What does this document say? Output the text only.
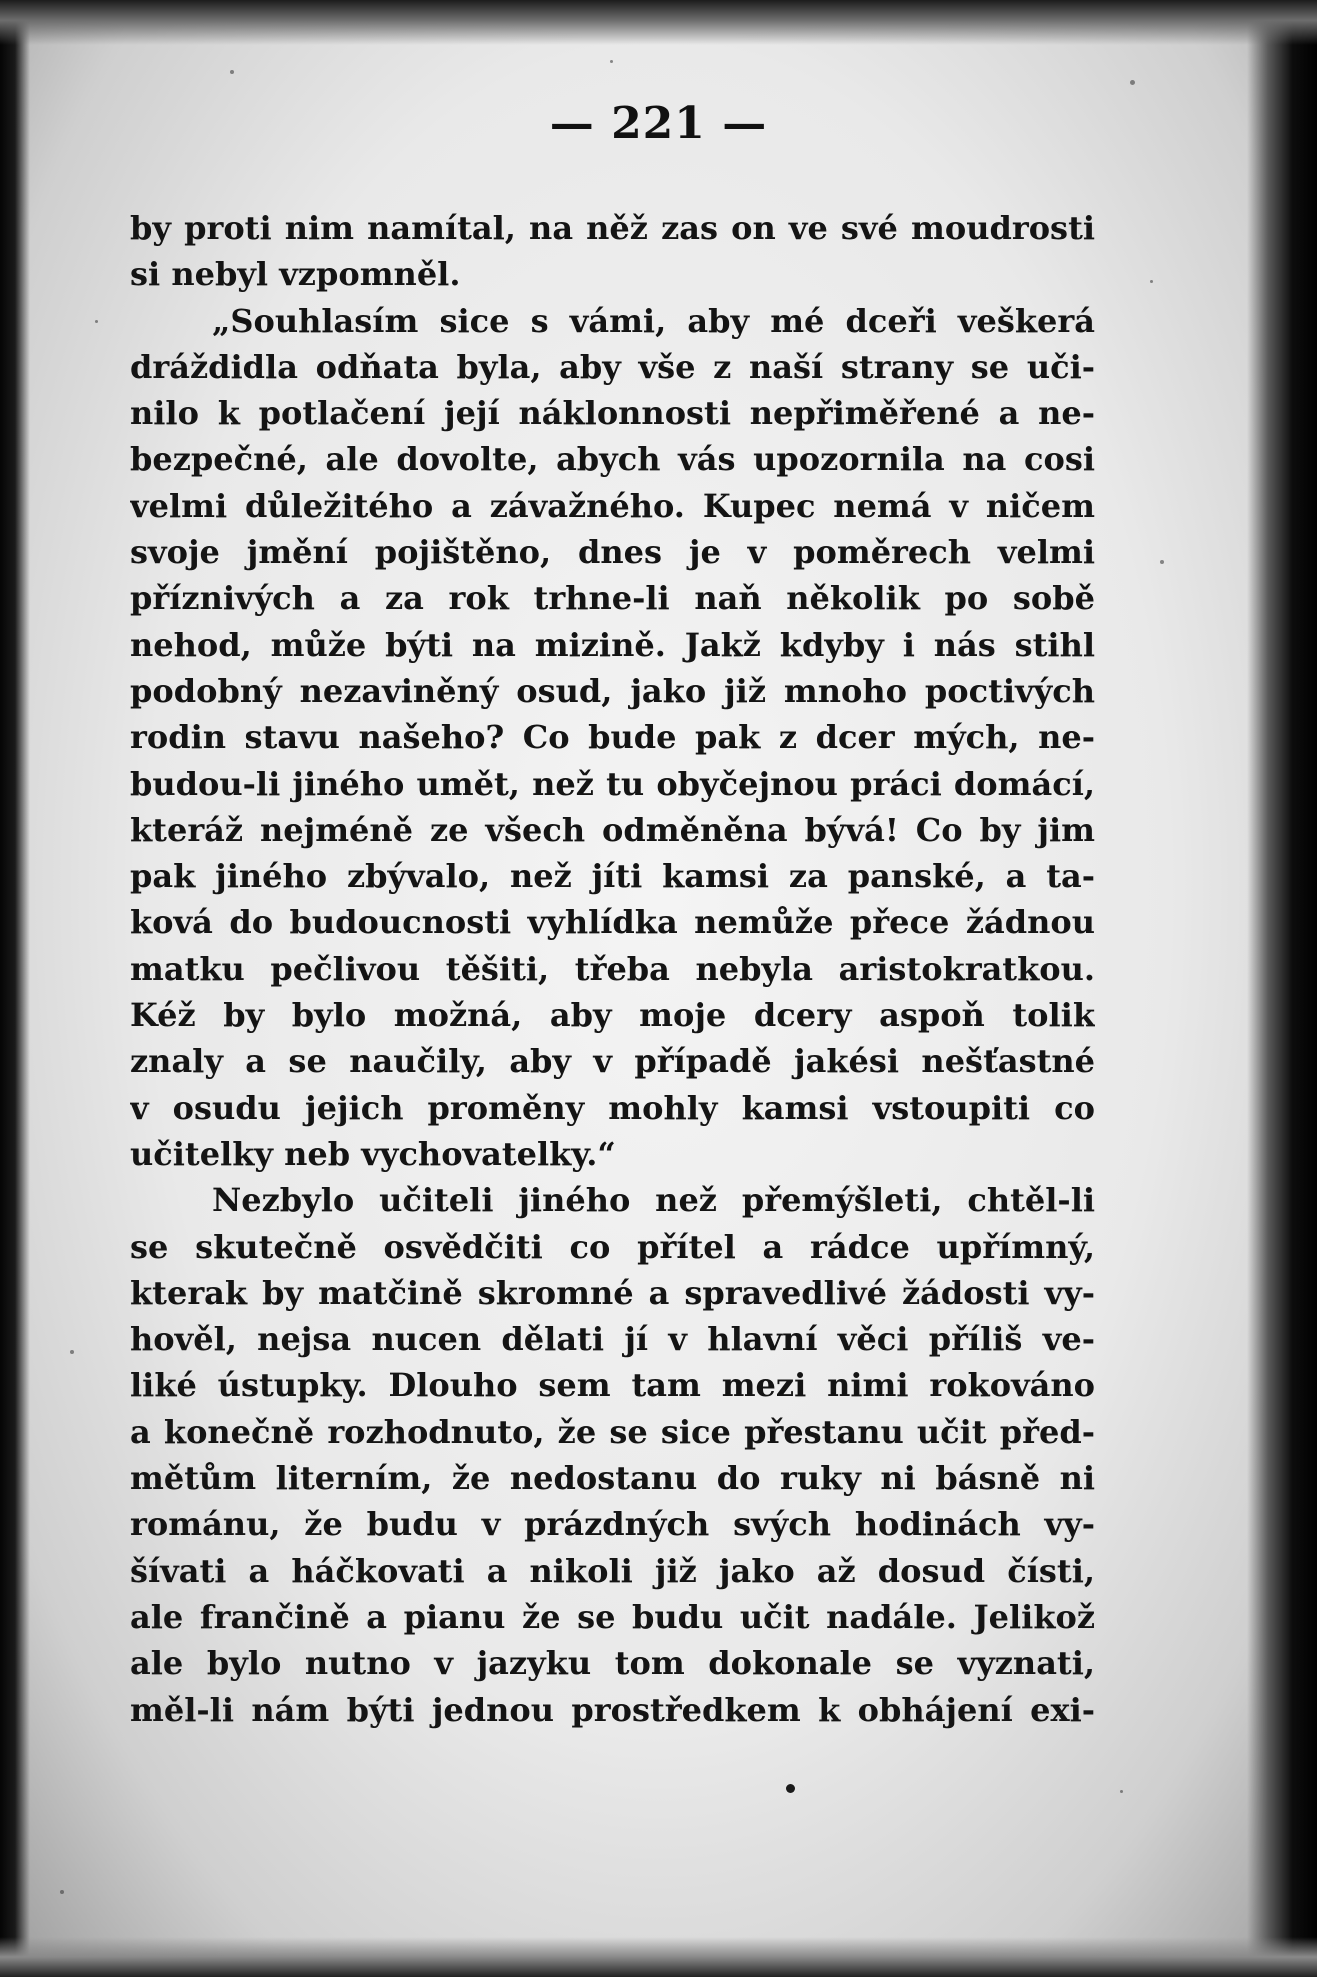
— 221 —
by proti nim namítal, na něž zas on ve své moudrosti
si nebyl vzpomněl.
„Souhlasím sice s vámi, aby mé dceři veškerá
dráždidla odňata byla, aby vše z naší strany se uči-
nilo k potlačení její náklonnosti nepřiměřené a ne-
bezpečné, ale dovolte, abych vás upozornila na cosi
velmi důležitého a závažného. Kupec nemá v ničem
svoje jmění pojištěno, dnes je v poměrech velmi
příznivých a za rok trhne-li naň několik po sobě
nehod, může býti na mizině. Jakž kdyby i nás stihl
podobný nezaviněný osud, jako již mnoho poctivých
rodin stavu našeho? Co bude pak z dcer mých, ne-
budou-li jiného umět, než tu obyčejnou práci domácí,
kteráž nejméně ze všech odměněna bývá! Co by jim
pak jiného zbývalo, než jíti kamsi za panské, a ta-
ková do budoucnosti vyhlídka nemůže přece žádnou
matku pečlivou těšiti, třeba nebyla aristokratkou.
Kéž by bylo možná, aby moje dcery aspoň tolik
znaly a se naučily, aby v případě jakési nešťastné
v osudu jejich proměny mohly kamsi vstoupiti co
učitelky neb vychovatelky.“
Nezbylo učiteli jiného než přemýšleti, chtěl-li
se skutečně osvědčiti co přítel a rádce upřímný,
kterak by matčině skromné a spravedlivé žádosti vy-
hověl, nejsa nucen dělati jí v hlavní věci příliš ve-
liké ústupky. Dlouho sem tam mezi nimi rokováno
a konečně rozhodnuto, že se sice přestanu učit před-
mětům literním, že nedostanu do ruky ni básně ni
románu, že budu v prázdných svých hodinách vy-
šívati a háčkovati a nikoli již jako až dosud čísti,
ale frančině a pianu že se budu učit nadále. Jelikož
ale bylo nutno v jazyku tom dokonale se vyznati,
měl-li nám býti jednou prostředkem k obhájení exi-
